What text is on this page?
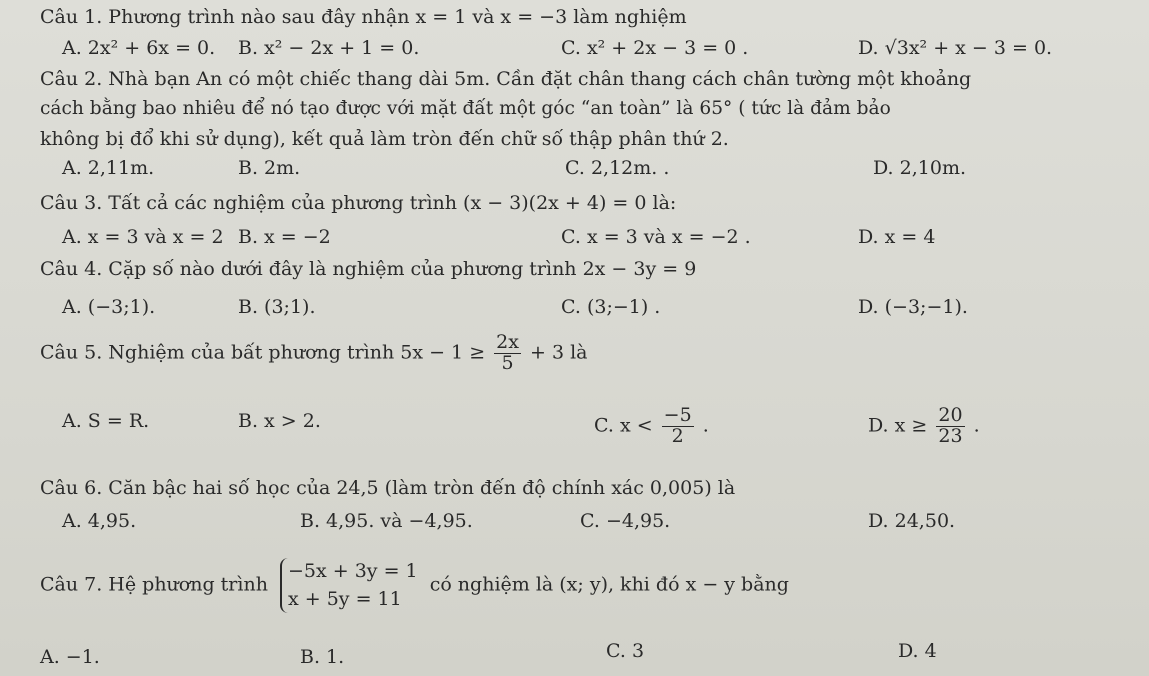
Câu 1. Phương trình nào sau đây nhận x = 1 và x = −3 làm nghiệm
A. 2x² + 6x = 0. B. x² − 2x + 1 = 0.	C. x² + 2x − 3 = 0 .	D. √3x² + x − 3 = 0.
Câu 2. Nhà bạn An có một chiếc thang dài 5m. Cần đặt chân thang cách chân tường một khoảng
cách bằng bao nhiêu để nó tạo được với mặt đất một góc “an toàn” là 65° ( tức là đảm bảo
không bị đổ khi sử dụng), kết quả làm tròn đến chữ số thập phân thứ 2.
A. 2,11m.	B. 2m.	C. 2,12m. .	D. 2,10m.
Câu 3. Tất cả các nghiệm của phương trình (x − 3)(2x + 4) = 0 là:
A. x = 3 và x = 2 B. x = −2	C. x = 3 và x = −2 .	D. x = 4
Câu 4. Cặp số nào dưới đây là nghiệm của phương trình 2x − 3y = 9
A. (−3;1).	B. (3;1).	C. (3;−1) .	D. (−3;−1).
Câu 5. Nghiệm của bất phương trình $5x - 1 \ge \frac{2x}{5} + 3$ là
A. S = R.	B. x > 2.	C. $x < \frac{-5}{2}$ .	D. $x \ge \frac{20}{23}$ .
Câu 6. Căn bậc hai số học của 24,5 (làm tròn đến độ chính xác 0,005) là
A. 4,95.	B. 4,95. và −4,95.	C. −4,95.	D. 24,50.
Câu 7. Hệ phương trình
−5x + 3y = 1
x + 5y = 11
có nghiệm là (x; y), khi đó x − y bằng
A. −1.	B. 1.	C. 3	D. 4
